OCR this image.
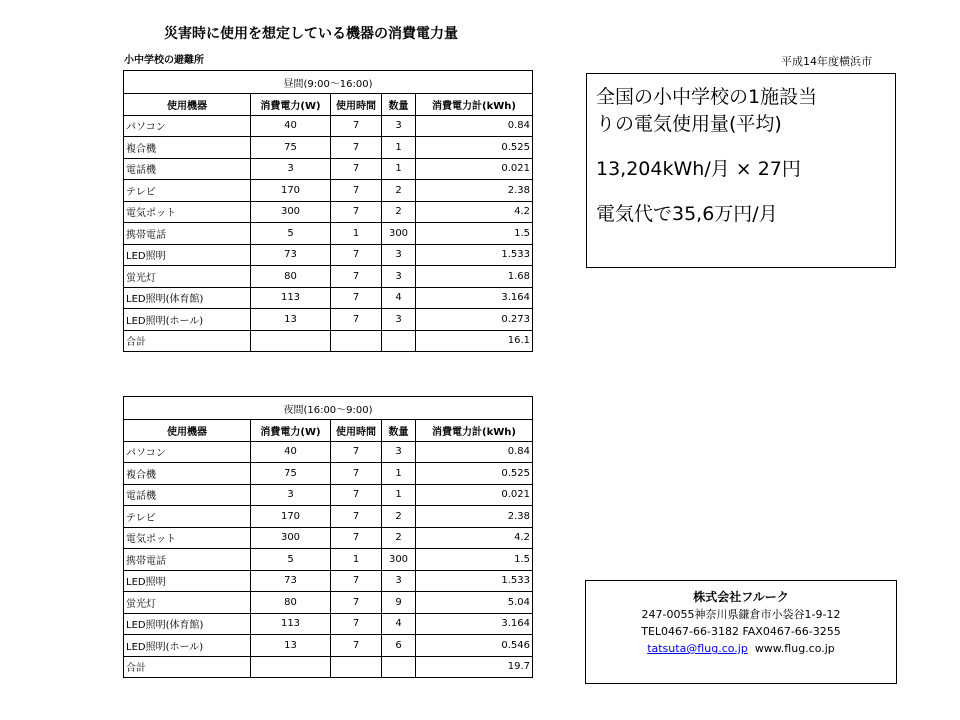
災害時に使用を想定している機器の消費電力量
小中学校の避難所	平成14年度横浜市
昼間(9:00〜16:00)				
使用機器	消費電力(W)	使用時間	数量	消費電力計(kWh)
パソコン	40	7	3	0.84
複合機	75	7	1	0.525
電話機	3	7	1	0.021
テレビ	170	7	2	2.38
電気ポット	300	7	2	4.2
携帯電話	5	1	300	1.5
LED照明	73	7	3	1.533
蛍光灯	80	7	3	1.68
LED照明(体育館)	113	7	4	3.164
LED照明(ホール)	13	7	3	0.273
合計				16.1
夜間(16:00〜9:00)				
使用機器	消費電力(W)	使用時間	数量	消費電力計(kWh)
パソコン	40	7	3	0.84
複合機	75	7	1	0.525
電話機	3	7	1	0.021
テレビ	170	7	2	2.38
電気ポット	300	7	2	4.2
携帯電話	5	1	300	1.5
LED照明	73	7	3	1.533
蛍光灯	80	7	9	5.04
LED照明(体育館)	113	7	4	3.164
LED照明(ホール)	13	7	6	0.546
合計				19.7
全国の小中学校の1施設当
りの電気使用量(平均)
13,204kWh/月 × 27円
電気代で35,6万円/月
株式会社フルーク
247-0055神奈川県鎌倉市小袋谷1-9-12
TEL0467-66-3182 FAX0467-66-3255
tatsuta@flug.co.jp www.flug.co.jp
